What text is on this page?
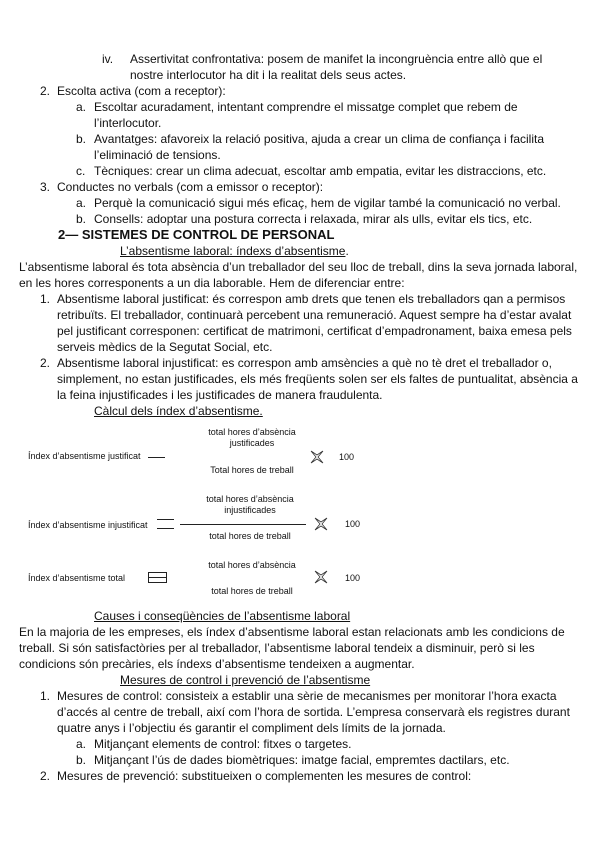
iv. Assertivitat confrontativa: posem de manifet la incongruència entre allò que el
nostre interlocutor ha dit i la realitat dels seus actes.
2. Escolta activa (com a receptor):
a. Escoltar acuradament, intentant comprendre el missatge complet que rebem de
l’interlocutor.
b. Avantatges: afavoreix la relació positiva, ajuda a crear un clima de confiança i facilita
l’eliminació de tensions.
c. Tècniques: crear un clima adecuat, escoltar amb empatia, evitar les distraccions, etc.
3. Conductes no verbals (com a emissor o receptor):
a. Perquè la comunicació sigui més eficaç, hem de vigilar també la comunicació no verbal.
b. Consells: adoptar una postura correcta i relaxada, mirar als ulls, evitar els tics, etc.
2— SISTEMES DE CONTROL DE PERSONAL
L’absentisme laboral: índexs d’absentisme.
L’absentisme laboral és tota absència d’un treballador del seu lloc de treball, dins la seva jornada laboral, en les hores corresponents a un dia laborable. Hem de diferenciar entre:
1. Absentisme laboral justificat: és correspon amb drets que tenen els treballadors qan a permisos retribuïts. El treballador, continuarà percebent una remuneració. Aquest sempre ha d’estar avalat pel justificant corresponen: certificat de matrimoni, certificat d’empadronament, baixa emesa pels serveis mèdics de la Segutat Social, etc.
2. Absentisme laboral injustificat: es correspon amb amsències a què no tè dret el treballador o, simplement, no estan justificades, els més freqüents solen ser els faltes de puntualitat, absència a la feina injustificades i les justificades de manera fraudulenta.
Càlcul dels índex d’absentisme.
Índex d’absentisme justificat
total hores d’absència
justificades
Total hores de treball
100
Índex d’absentisme injustificat
total hores d’absència
injustificades
total hores de treball
100
Índex d’absentisme total
total hores d’absència
total hores de treball
100
Causes i conseqüències de l’absentisme laboral
En la majoria de les empreses, els índex d’absentisme laboral estan relacionats amb les condicions de treball. Si són satisfactòries per al treballador, l’absentisme laboral tendeix a disminuir, però si les condicions són precàries, els índexs d’absentisme tendeixen a augmentar.
Mesures de control i prevenció de l’absentisme
1. Mesures de control: consisteix a establir una sèrie de mecanismes per monitorar l’hora exacta d’accés al centre de treball, així com l’hora de sortida. L’empresa conservarà els registres durant quatre anys i l’objectiu és garantir el compliment dels límits de la jornada.
a. Mitjançant elements de control: fitxes o targetes.
b. Mitjançant l’ús de dades biomètriques: imatge facial, empremtes dactilars, etc.
2. Mesures de prevenció: substitueixen o complementen les mesures de control:
